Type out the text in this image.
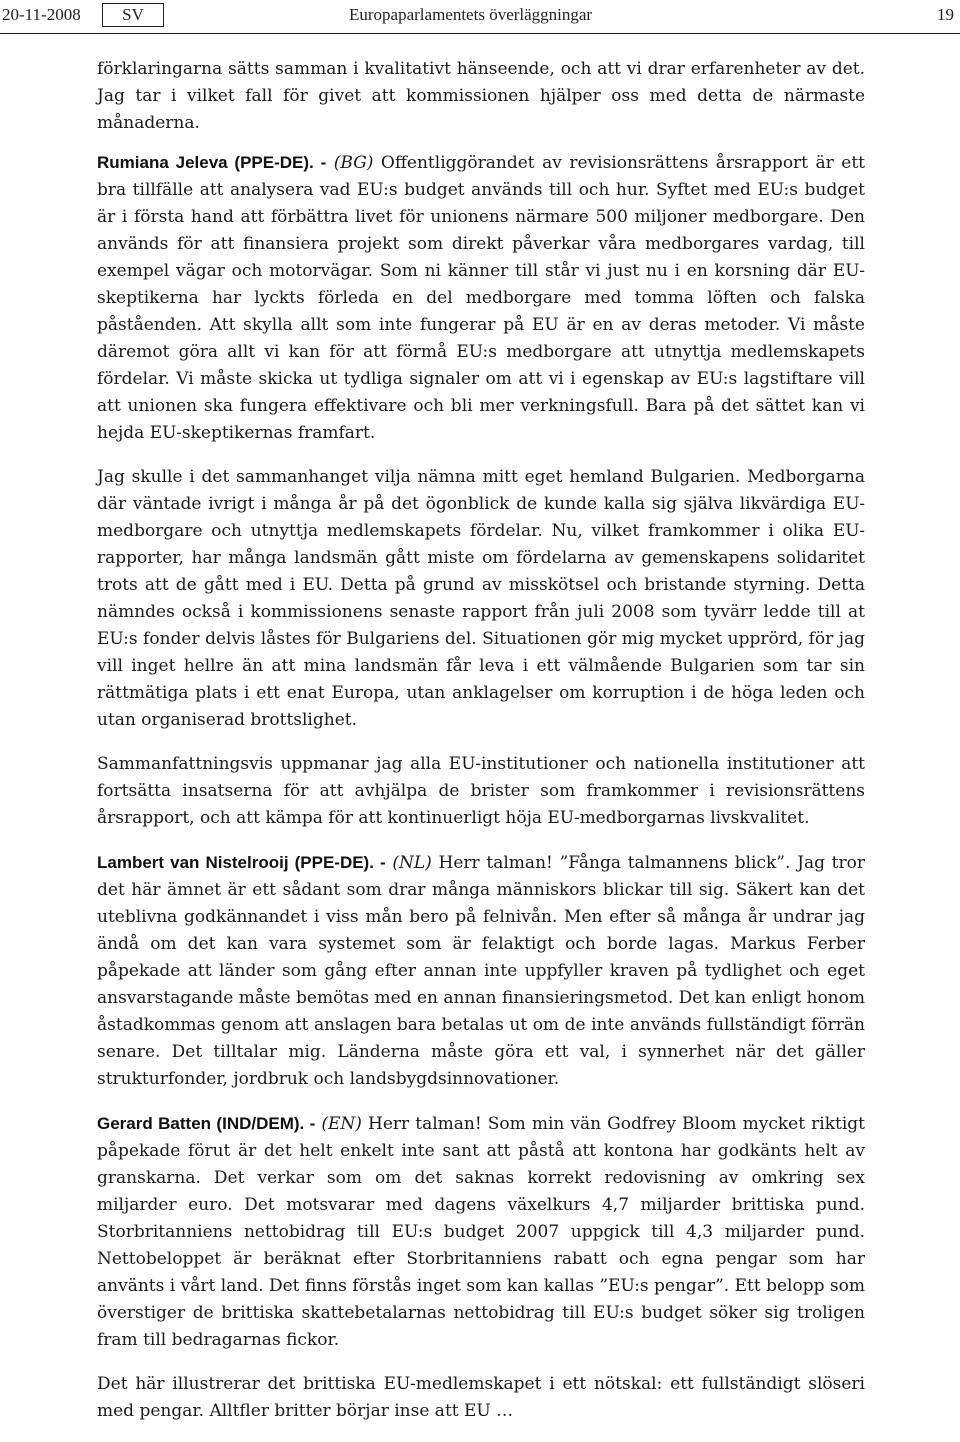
20-11-2008	SV	Europaparlamentets överläggningar	19

förklaringarna sätts samman i kvalitativt hänseende, och att vi drar erfarenheter av det. Jag tar i vilket fall för givet att kommissionen hjälper oss med detta de närmaste månaderna.

Rumiana Jeleva (PPE-DE). - (BG) Offentliggörandet av revisionsrättens årsrapport är ett bra tillfälle att analysera vad EU:s budget används till och hur. Syftet med EU:s budget är i första hand att förbättra livet för unionens närmare 500 miljoner medborgare. Den används för att finansiera projekt som direkt påverkar våra medborgares vardag, till exempel vägar och motorvägar. Som ni känner till står vi just nu i en korsning där EU-skeptikerna har lyckts förleda en del medborgare med tomma löften och falska påståenden. Att skylla allt som inte fungerar på EU är en av deras metoder. Vi måste däremot göra allt vi kan för att förmå EU:s medborgare att utnyttja medlemskapets fördelar. Vi måste skicka ut tydliga signaler om att vi i egenskap av EU:s lagstiftare vill att unionen ska fungera effektivare och bli mer verkningsfull. Bara på det sättet kan vi hejda EU-skeptikernas framfart.

Jag skulle i det sammanhanget vilja nämna mitt eget hemland Bulgarien. Medborgarna där väntade ivrigt i många år på det ögonblick de kunde kalla sig själva likvärdiga EU-medborgare och utnyttja medlemskapets fördelar. Nu, vilket framkommer i olika EU-rapporter, har många landsmän gått miste om fördelarna av gemenskapens solidaritet trots att de gått med i EU. Detta på grund av misskötsel och bristande styrning. Detta nämndes också i kommissionens senaste rapport från juli 2008 som tyvärr ledde till at EU:s fonder delvis låstes för Bulgariens del. Situationen gör mig mycket upprörd, för jag vill inget hellre än att mina landsmän får leva i ett välmående Bulgarien som tar sin rättmätiga plats i ett enat Europa, utan anklagelser om korruption i de höga leden och utan organiserad brottslighet.

Sammanfattningsvis uppmanar jag alla EU-institutioner och nationella institutioner att fortsätta insatserna för att avhjälpa de brister som framkommer i revisionsrättens årsrapport, och att kämpa för att kontinuerligt höja EU-medborgarnas livskvalitet.

Lambert van Nistelrooij (PPE-DE). - (NL) Herr talman! ”Fånga talmannens blick”. Jag tror det här ämnet är ett sådant som drar många människors blickar till sig. Säkert kan det uteblivna godkännandet i viss mån bero på felnivån. Men efter så många år undrar jag ändå om det kan vara systemet som är felaktigt och borde lagas. Markus Ferber påpekade att länder som gång efter annan inte uppfyller kraven på tydlighet och eget ansvarstagande måste bemötas med en annan finansieringsmetod. Det kan enligt honom åstadkommas genom att anslagen bara betalas ut om de inte används fullständigt förrän senare. Det tilltalar mig. Länderna måste göra ett val, i synnerhet när det gäller strukturfonder, jordbruk och landsbygdsinnovationer.

Gerard Batten (IND/DEM). - (EN) Herr talman! Som min vän Godfrey Bloom mycket riktigt påpekade förut är det helt enkelt inte sant att påstå att kontona har godkänts helt av granskarna. Det verkar som om det saknas korrekt redovisning av omkring sex miljarder euro. Det motsvarar med dagens växelkurs 4,7 miljarder brittiska pund. Storbritanniens nettobidrag till EU:s budget 2007 uppgick till 4,3 miljarder pund. Nettobeloppet är beräknat efter Storbritanniens rabatt och egna pengar som har använts i vårt land. Det finns förstås inget som kan kallas ”EU:s pengar”. Ett belopp som överstiger de brittiska skattebetalarnas nettobidrag till EU:s budget söker sig troligen fram till bedragarnas fickor.

Det här illustrerar det brittiska EU-medlemskapet i ett nötskal: ett fullständigt slöseri med pengar. Alltfler britter börjar inse att EU …
